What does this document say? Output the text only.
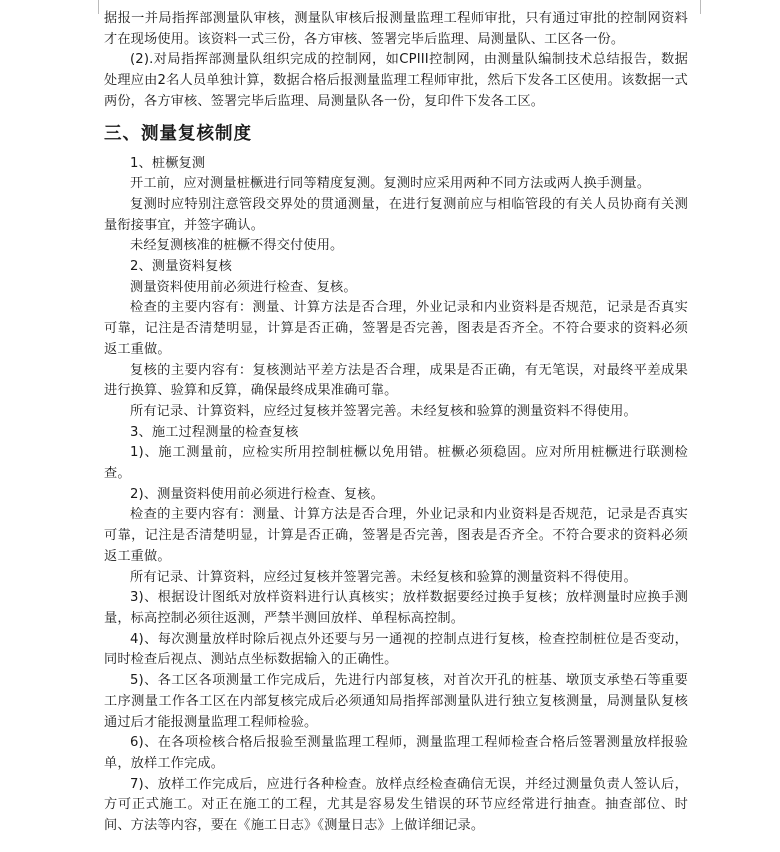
据报一并局指挥部测量队审核，测量队审核后报测量监理工程师审批，只有通过审批的控制网资料才在现场使用。该资料一式三份，各方审核、签署完毕后监理、局测量队、工区各一份。

(2).对局指挥部测量队组织完成的控制网，如CPIII控制网，由测量队编制技术总结报告，数据处理应由2名人员单独计算，数据合格后报测量监理工程师审批，然后下发各工区使用。该数据一式两份，各方审核、签署完毕后监理、局测量队各一份，复印件下发各工区。

三、测量复核制度

1、桩橛复测

开工前，应对测量桩橛进行同等精度复测。复测时应采用两种不同方法或两人换手测量。

复测时应特别注意管段交界处的贯通测量，在进行复测前应与相临管段的有关人员协商有关测量衔接事宜，并签字确认。

未经复测核准的桩橛不得交付使用。

2、测量资料复核

测量资料使用前必须进行检查、复核。

检查的主要内容有：测量、计算方法是否合理，外业记录和内业资料是否规范，记录是否真实可靠，记注是否清楚明显，计算是否正确，签署是否完善，图表是否齐全。不符合要求的资料必须返工重做。

复核的主要内容有：复核测站平差方法是否合理，成果是否正确，有无笔误，对最终平差成果进行换算、验算和反算，确保最终成果准确可靠。

所有记录、计算资料，应经过复核并签署完善。未经复核和验算的测量资料不得使用。

3、施工过程测量的检查复核

1)、施工测量前，应检实所用控制桩橛以免用错。桩橛必须稳固。应对所用桩橛进行联测检查。

2)、测量资料使用前必须进行检查、复核。

检查的主要内容有：测量、计算方法是否合理，外业记录和内业资料是否规范，记录是否真实可靠，记注是否清楚明显，计算是否正确，签署是否完善，图表是否齐全。不符合要求的资料必须返工重做。

所有记录、计算资料，应经过复核并签署完善。未经复核和验算的测量资料不得使用。

3)、根据设计图纸对放样资料进行认真核实；放样数据要经过换手复核；放样测量时应换手测量，标高控制必须往返测，严禁半测回放样、单程标高控制。

4)、每次测量放样时除后视点外还要与另一通视的控制点进行复核，检查控制桩位是否变动，同时检查后视点、测站点坐标数据输入的正确性。

5)、各工区各项测量工作完成后，先进行内部复核，对首次开孔的桩基、墩顶支承垫石等重要工序测量工作各工区在内部复核完成后必须通知局指挥部测量队进行独立复核测量，局测量队复核通过后才能报测量监理工程师检验。

6)、在各项检核合格后报验至测量监理工程师，测量监理工程师检查合格后签署测量放样报验单，放样工作完成。

7)、放样工作完成后，应进行各种检查。放样点经检查确信无误，并经过测量负责人签认后，方可正式施工。对正在施工的工程，尤其是容易发生错误的环节应经常进行抽查。抽查部位、时间、方法等内容，要在《施工日志》《测量日志》上做详细记录。
